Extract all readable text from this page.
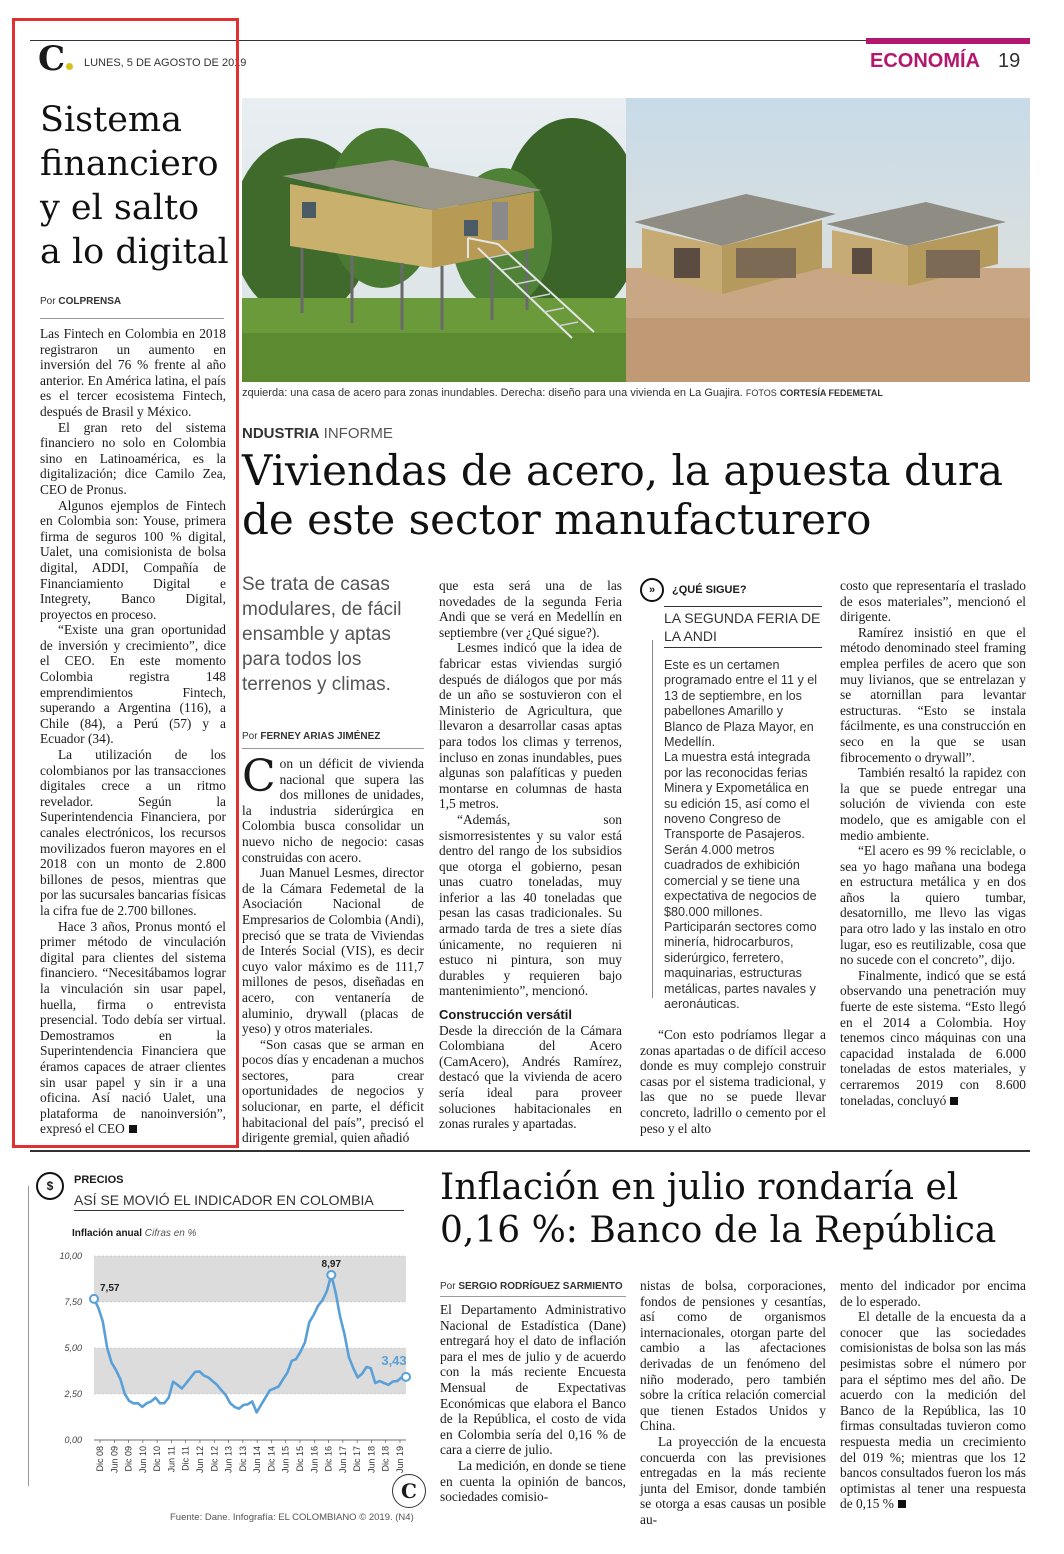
C	LUNES, 5 DE AGOSTO DE 2019	ECONOMÍA 19
Sistema financiero y el salto a lo digital
Por COLPRENSA

Las Fintech en Colombia en 2018 registraron un aumento en inversión del 76 % frente al año anterior. En América latina, el país es el tercer ecosistema Fintech, después de Brasil y México.

El gran reto del sistema financiero no solo en Colombia sino en Latinoamérica, es la digitalización; dice Camilo Zea, CEO de Pronus.

Algunos ejemplos de Fintech en Colombia son: Youse, primera firma de seguros 100 % digital, Ualet, una comisionista de bolsa digital, ADDI, Compañía de Financiamiento Digital e Integrety, Banco Digital, proyectos en proceso.

“Existe una gran oportunidad de inversión y crecimiento”, dice el CEO. En este momento Colombia registra 148 emprendimientos Fintech, superando a Argentina (116), a Chile (84), a Perú (57) y a Ecuador (34).

La utilización de los colombianos por las transacciones digitales crece a un ritmo revelador. Según la Superintendencia Financiera, por canales electrónicos, los recursos movilizados fueron mayores en el 2018 con un monto de 2.800 billones de pesos, mientras que por las sucursales bancarias físicas la cifra fue de 2.700 billones.

Hace 3 años, Pronus montó el primer método de vinculación digital para clientes del sistema financiero. “Necesitábamos lograr la vinculación sin usar papel, huella, firma o entrevista presencial. Todo debía ser virtual. Demostramos en la Superintendencia Financiera que éramos capaces de atraer clientes sin usar papel y sin ir a una oficina. Así nació Ualet, una plataforma de nanoinversión”, expresó el CEO

zquierda: una casa de acero para zonas inundables. Derecha: diseño para una vivienda en La Guajira. FOTOS CORTESÍA FEDEMETAL
NDUSTRIA INFORME
Viviendas de acero, la apuesta dura de este sector manufacturero
Se trata de casas modulares, de fácil ensamble y aptas para todos los terrenos y climas.
Por FERNEY ARIAS JIMÉNEZ

Con un déficit de vivienda nacional que supera las dos millones de unidades, la industria siderúrgica en Colombia busca consolidar un nuevo nicho de negocio: casas construidas con acero.

Juan Manuel Lesmes, director de la Cámara Fedemetal de la Asociación Nacional de Empresarios de Colombia (Andi), precisó que se trata de Viviendas de Interés Social (VIS), es decir cuyo valor máximo es de 111,7 millones de pesos, diseñadas en acero, con ventanería de aluminio, drywall (placas de yeso) y otros materiales.

“Son casas que se arman en pocos días y encadenan a muchos sectores, para crear oportunidades de negocios y solucionar, en parte, el déficit habitacional del país”, precisó el dirigente gremial, quien añadió

que esta será una de las novedades de la segunda Feria Andi que se verá en Medellín en septiembre (ver ¿Qué sigue?).

Lesmes indicó que la idea de fabricar estas viviendas surgió después de diálogos que por más de un año se sostuvieron con el Ministerio de Agricultura, que llevaron a desarrollar casas aptas para todos los climas y terrenos, incluso en zonas inundables, pues algunas son palafíticas y pueden montarse en columnas de hasta 1,5 metros.

“Además, son sismorresistentes y su valor está dentro del rango de los subsidios que otorga el gobierno, pesan unas cuatro toneladas, muy inferior a las 40 toneladas que pesan las casas tradicionales. Su armado tarda de tres a siete días únicamente, no requieren ni estuco ni pintura, son muy durables y requieren bajo mantenimiento”, mencionó.

Construcción versátil

Desde la dirección de la Cámara Colombiana del Acero (CamAcero), Andrés Ramírez, destacó que la vivienda de acero sería ideal para proveer soluciones habitacionales en zonas rurales y apartadas.

»	¿QUÉ SIGUE?
LA SEGUNDA FERIA DE LA ANDI

Este es un certamen programado entre el 11 y el 13 de septiembre, en los pabellones Amarillo y Blanco de Plaza Mayor, en Medellín.

La muestra está integrada por las reconocidas ferias Minera y Expometálica en su edición 15, así como el noveno Congreso de Transporte de Pasajeros. Serán 4.000 metros cuadrados de exhibición comercial y se tiene una expectativa de negocios de $80.000 millones. Participarán sectores como minería, hidrocarburos, siderúrgico, ferretero, maquinarias, estructuras metálicas, partes navales y aeronáuticas.

“Con esto podríamos llegar a zonas apartadas o de difícil acceso donde es muy complejo construir casas por el sistema tradicional, y las que no se puede llevar concreto, ladrillo o cemento por el peso y el alto

costo que representaría el traslado de esos materiales”, mencionó el dirigente.

Ramírez insistió en que el método denominado steel framing emplea perfiles de acero que son muy livianos, que se entrelazan y se atornillan para levantar estructuras. “Esto se instala fácilmente, es una construcción en seco en la que se usan fibrocemento o drywall”.

También resaltó la rapidez con la que se puede entregar una solución de vivienda con este modelo, que es amigable con el medio ambiente.

“El acero es 99 % reciclable, o sea yo hago mañana una bodega en estructura metálica y en dos años la quiero tumbar, desatornillo, me llevo las vigas para otro lado y las instalo en otro lugar, eso es reutilizable, cosa que no sucede con el concreto”, dijo.

Finalmente, indicó que se está observando una penetración muy fuerte de este sistema. “Esto llegó en el 2014 a Colombia. Hoy tenemos cinco máquinas con una capacidad instalada de 6.000 toneladas de estos materiales, y cerraremos 2019 con 8.600 toneladas, concluyó

$	PRECIOS
ASÍ SE MOVIÓ EL INDICADOR EN COLOMBIA
Inflación anual Cifras en %
0,00
2,50
5,00
7,50
10,00
Dic 08 Jun 09 Dic 09 Jun 10 Dic 10 Jun 11 Dic 11 Jun 12 Dic 12 Jun 13 Dic 13 Jun 14 Dic 14 Jun 15 Dic 15 Jun 16 Dic 16 Jun 17 Dic 17 Jun 18 Dic 18 Jun 19
7,57
8,97
3,43
C
Fuente: Dane. Infografía: EL COLOMBIANO © 2019. (N4)
Inflación en julio rondaría el 0,16 %: Banco de la República
Por SERGIO RODRÍGUEZ SARMIENTO

El Departamento Administrativo Nacional de Estadística (Dane) entregará hoy el dato de inflación para el mes de julio y de acuerdo con la más reciente Encuesta Mensual de Expectativas Económicas que elabora el Banco de la República, el costo de vida en Colombia sería del 0,16 % de cara a cierre de julio.

La medición, en donde se tiene en cuenta la opinión de bancos, sociedades comisio-

nistas de bolsa, corporaciones, fondos de pensiones y cesantías, así como de organismos internacionales, otorgan parte del cambio a las afectaciones derivadas de un fenómeno del niño moderado, pero también sobre la crítica relación comercial que tienen Estados Unidos y China.

La proyección de la encuesta concuerda con las previsiones entregadas en la más reciente junta del Emisor, donde también se otorga a esas causas un posible au-

mento del indicador por encima de lo esperado.

El detalle de la encuesta da a conocer que las sociedades comisionistas de bolsa son las más pesimistas sobre el número por para el séptimo mes del año. De acuerdo con la medición del Banco de la República, las 10 firmas consultadas tuvieron como respuesta media un crecimiento del 019 %; mientras que los 12 bancos consultados fueron los más optimistas al tener una respuesta de 0,15 %
